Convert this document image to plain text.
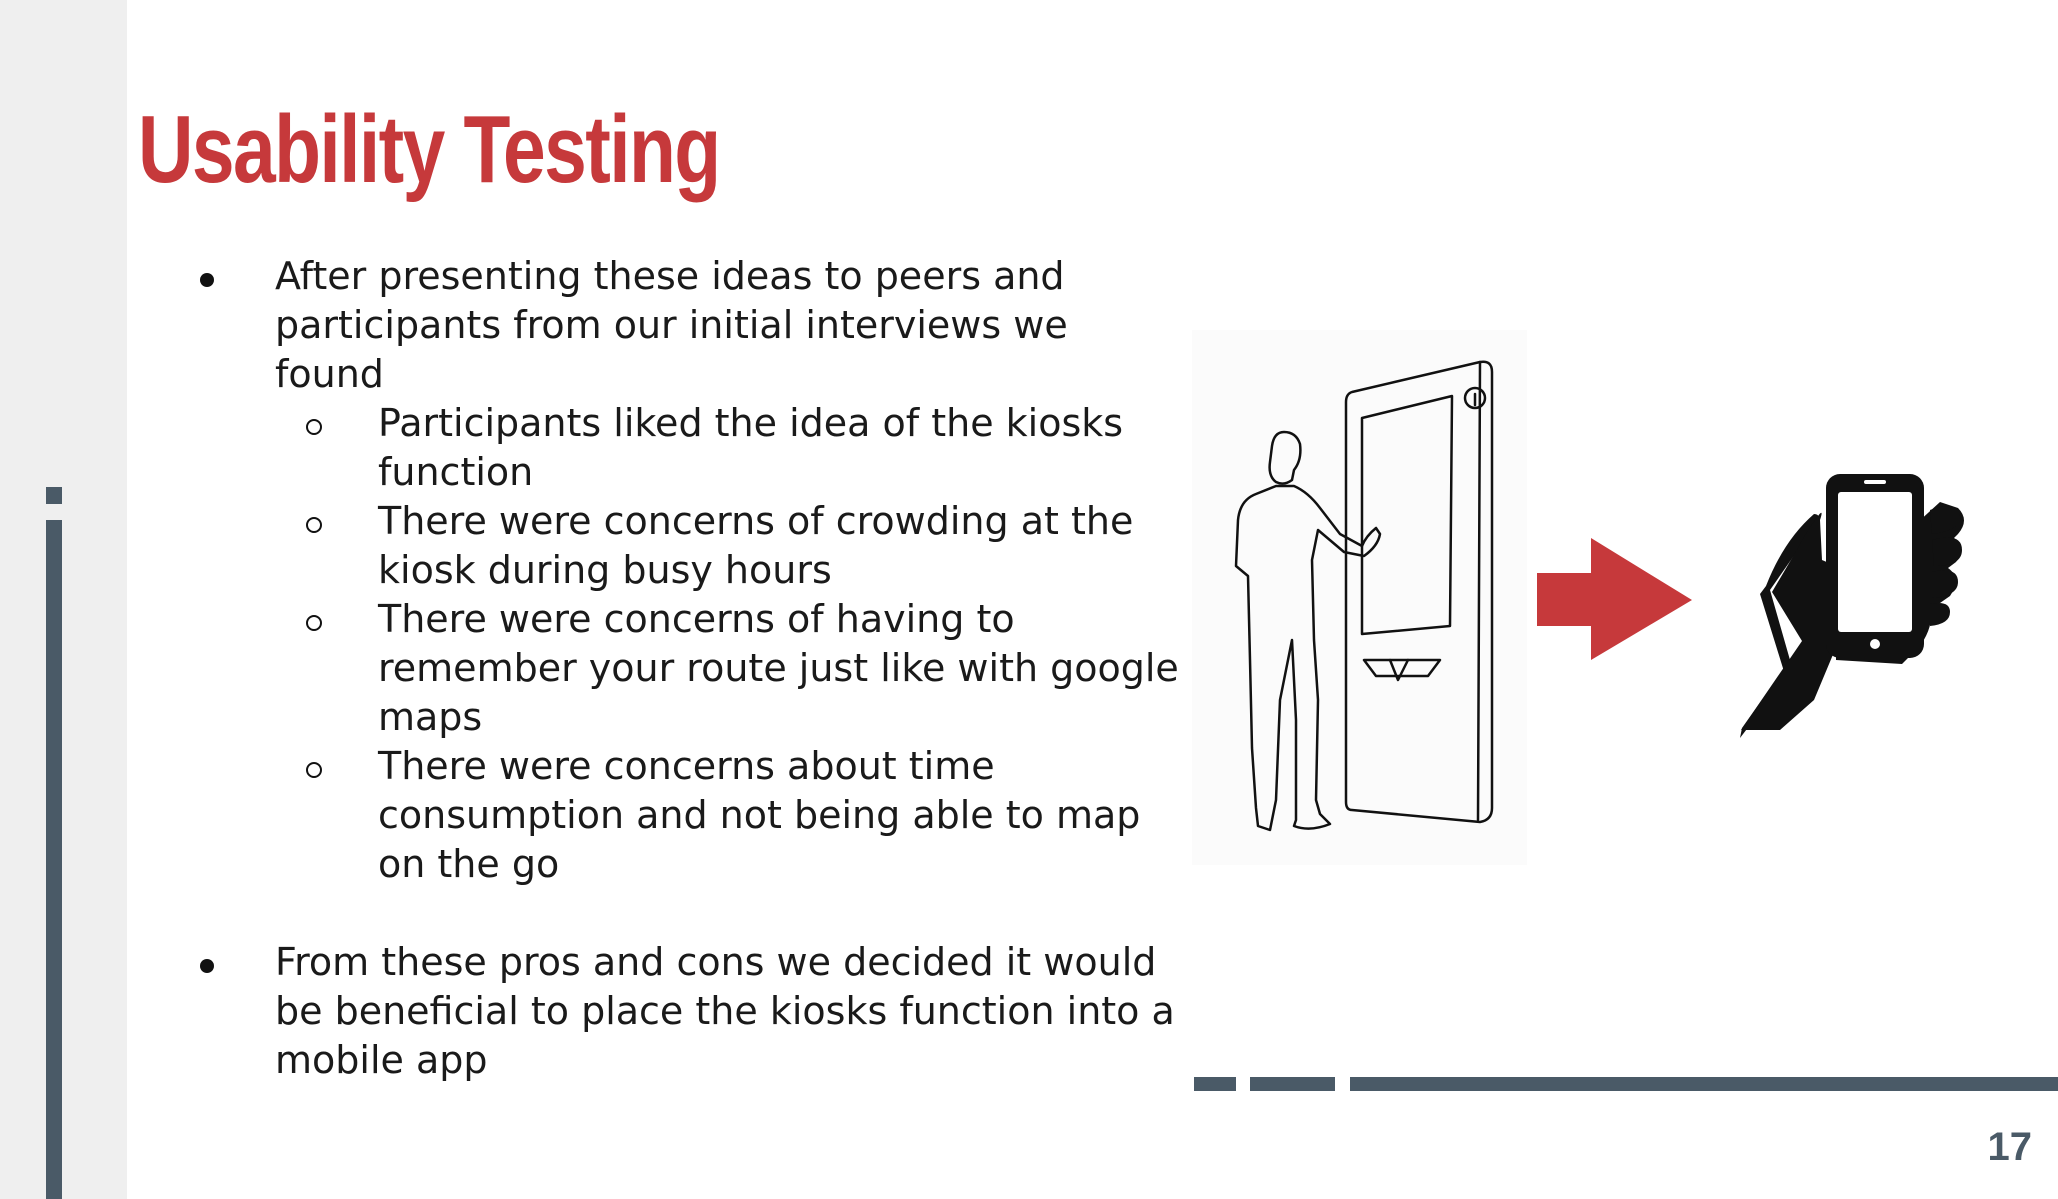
Usability Testing
After presenting these ideas to peers and participants from our initial interviews we found
Participants liked the idea of the kiosks function
There were concerns of crowding at the kiosk during busy hours
There were concerns of having to remember your route just like with google maps
There were concerns about time consumption and not being able to map on the go
From these pros and cons we decided it would be beneficial to place the kiosks function into a mobile app
17
